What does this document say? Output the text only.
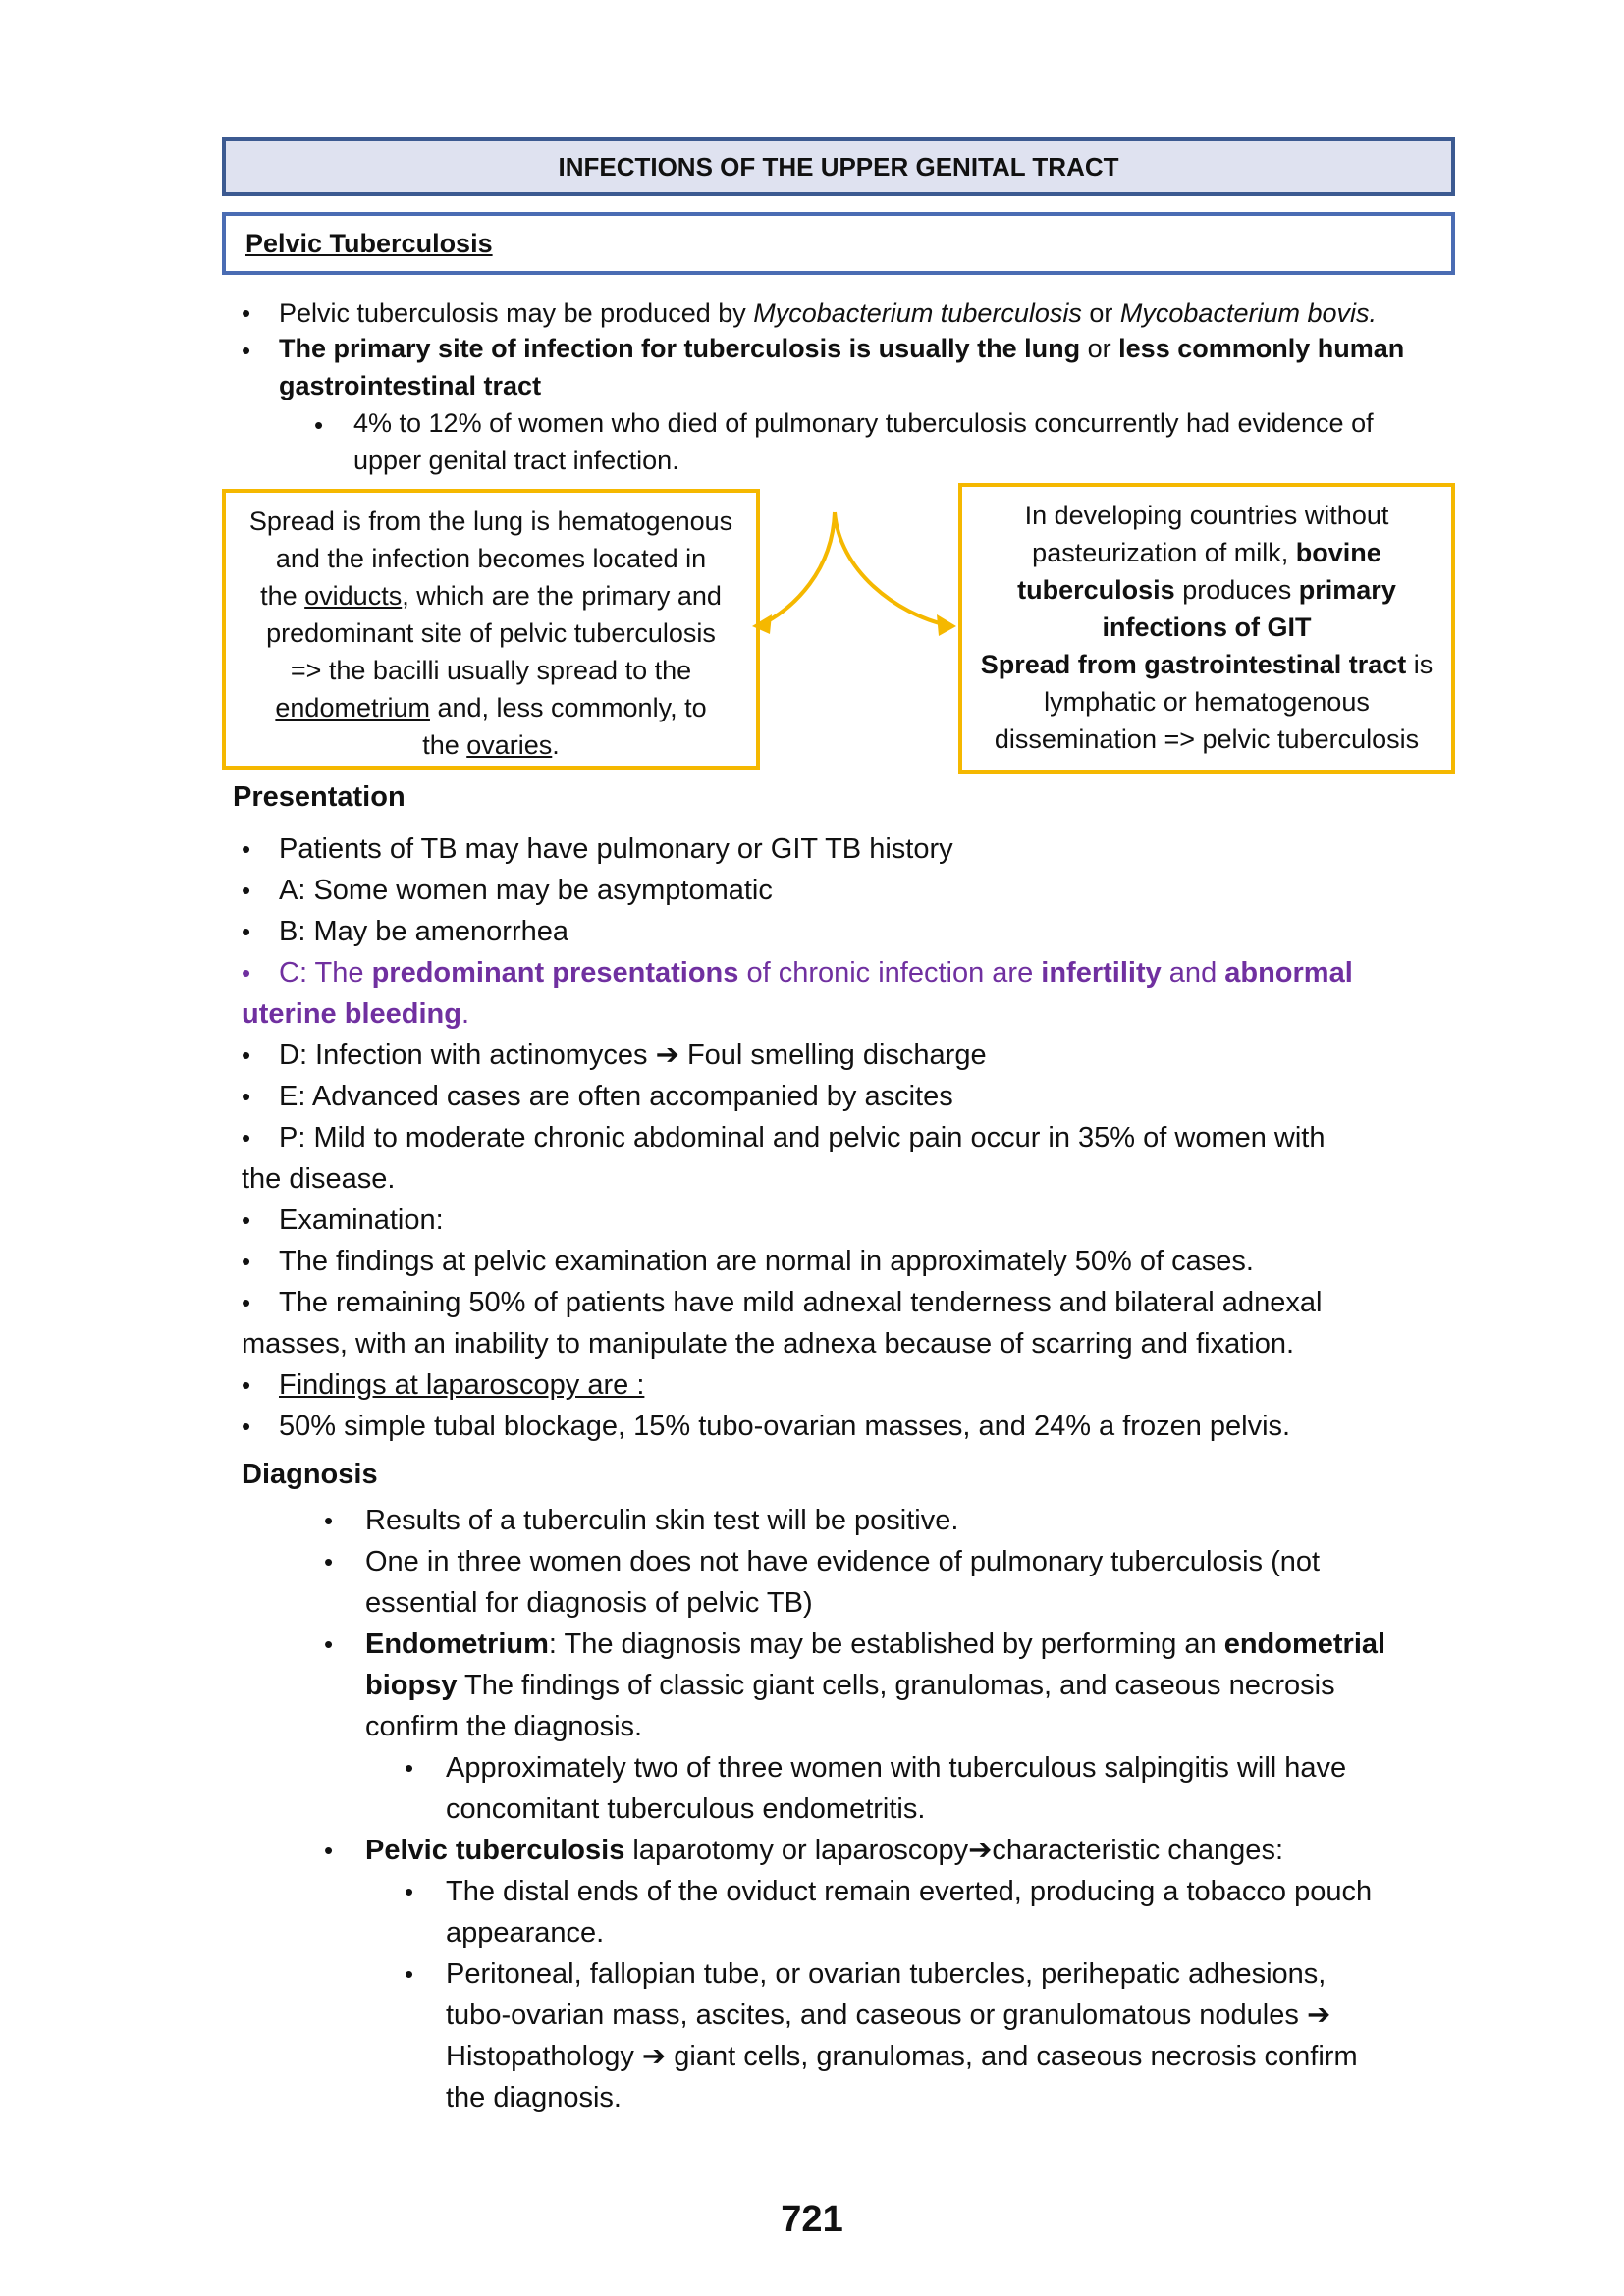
INFECTIONS OF THE UPPER GENITAL TRACT
Pelvic Tuberculosis
• Pelvic tuberculosis may be produced by Mycobacterium tuberculosis or Mycobacterium bovis.
• The primary site of infection for tuberculosis is usually the lung or less commonly human
gastrointestinal tract
• 4% to 12% of women who died of pulmonary tuberculosis concurrently had evidence of
upper genital tract infection.
Spread is from the lung is hematogenous
and the infection becomes located in
the oviducts, which are the primary and
predominant site of pelvic tuberculosis
=> the bacilli usually spread to the
endometrium and, less commonly, to
the ovaries.
In developing countries without
pasteurization of milk, bovine
tuberculosis produces primary
infections of GIT
Spread from gastrointestinal tract is
lymphatic or hematogenous
dissemination => pelvic tuberculosis
Presentation
• Patients of TB may have pulmonary or GIT TB history
• A: Some women may be asymptomatic
• B: May be amenorrhea
• C: The predominant presentations of chronic infection are infertility and abnormal

uterine bleeding.
• D: Infection with actinomyces ➔ Foul smelling discharge
• E: Advanced cases are often accompanied by ascites
• P: Mild to moderate chronic abdominal and pelvic pain occur in 35% of women with
the disease.
• Examination:
• The findings at pelvic examination are normal in approximately 50% of cases.
• The remaining 50% of patients have mild adnexal tenderness and bilateral adnexal
masses, with an inability to manipulate the adnexa because of scarring and fixation.
• Findings at laparoscopy are :
• 50% simple tubal blockage, 15% tubo-ovarian masses, and 24% a frozen pelvis.
Diagnosis
• Results of a tuberculin skin test will be positive.
• One in three women does not have evidence of pulmonary tuberculosis (not
essential for diagnosis of pelvic TB)
• Endometrium: The diagnosis may be established by performing an endometrial
biopsy The findings of classic giant cells, granulomas, and caseous necrosis
confirm the diagnosis.
• Approximately two of three women with tuberculous salpingitis will have
concomitant tuberculous endometritis.
• Pelvic tuberculosis laparotomy or laparoscopy➔characteristic changes:
• The distal ends of the oviduct remain everted, producing a tobacco pouch
appearance.
• Peritoneal, fallopian tube, or ovarian tubercles, perihepatic adhesions,
tubo-ovarian mass, ascites, and caseous or granulomatous nodules ➔
Histopathology ➔ giant cells, granulomas, and caseous necrosis confirm
the diagnosis.
721
